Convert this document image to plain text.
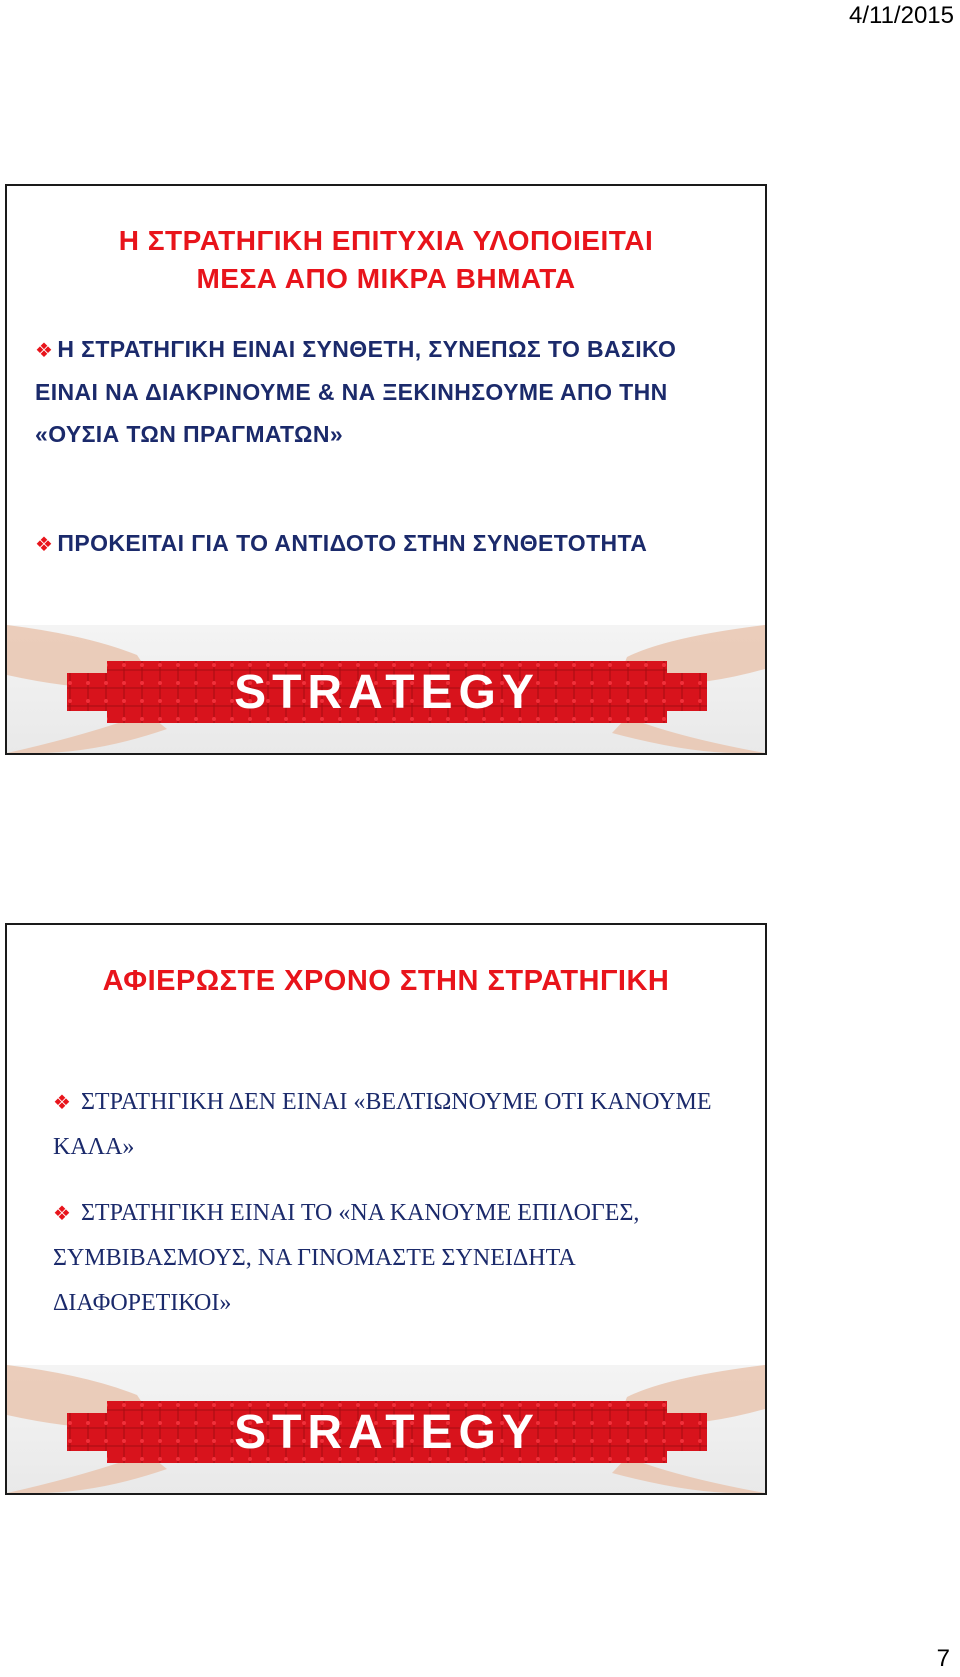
4/11/2015
Η ΣΤΡΑΤΗΓΙΚΗ ΕΠΙΤΥΧΙΑ ΥΛΟΠΟΙΕΙΤΑΙ
ΜΕΣΑ ΑΠΟ ΜΙΚΡΑ ΒΗΜΑΤΑ
❖ Η ΣΤΡΑΤΗΓΙΚΗ ΕΙΝΑΙ ΣΥΝΘΕΤΗ, ΣΥΝΕΠΩΣ ΤΟ ΒΑΣΙΚΟ ΕΙΝΑΙ ΝΑ ΔΙΑΚΡΙΝΟΥΜΕ & ΝΑ ΞΕΚΙΝΗΣΟΥΜΕ ΑΠΟ ΤΗΝ «ΟΥΣΙΑ ΤΩΝ ΠΡΑΓΜΑΤΩΝ»
❖ ΠΡΟΚΕΙΤΑΙ ΓΙΑ ΤΟ ΑΝΤΙΔΟΤΟ ΣΤΗΝ ΣΥΝΘΕΤΟΤΗΤΑ
STRATEGY
ΑΦΙΕΡΩΣΤΕ ΧΡΟΝΟ ΣΤΗΝ ΣΤΡΑΤΗΓΙΚΗ
❖ ΣΤΡΑΤΗΓΙΚΗ ΔΕΝ ΕΙΝΑΙ «ΒΕΛΤΙΩΝΟΥΜΕ ΟΤΙ ΚΑΝΟΥΜΕ ΚΑΛΑ»
❖ ΣΤΡΑΤΗΓΙΚΗ ΕΙΝΑΙ ΤΟ «ΝΑ ΚΑΝΟΥΜΕ ΕΠΙΛΟΓΕΣ, ΣΥΜΒΙΒΑΣΜΟΥΣ, ΝΑ ΓΙΝΟΜΑΣΤΕ ΣΥΝΕΙΔΗΤΑ ΔΙΑΦΟΡΕΤΙΚΟΙ»
STRATEGY
7
